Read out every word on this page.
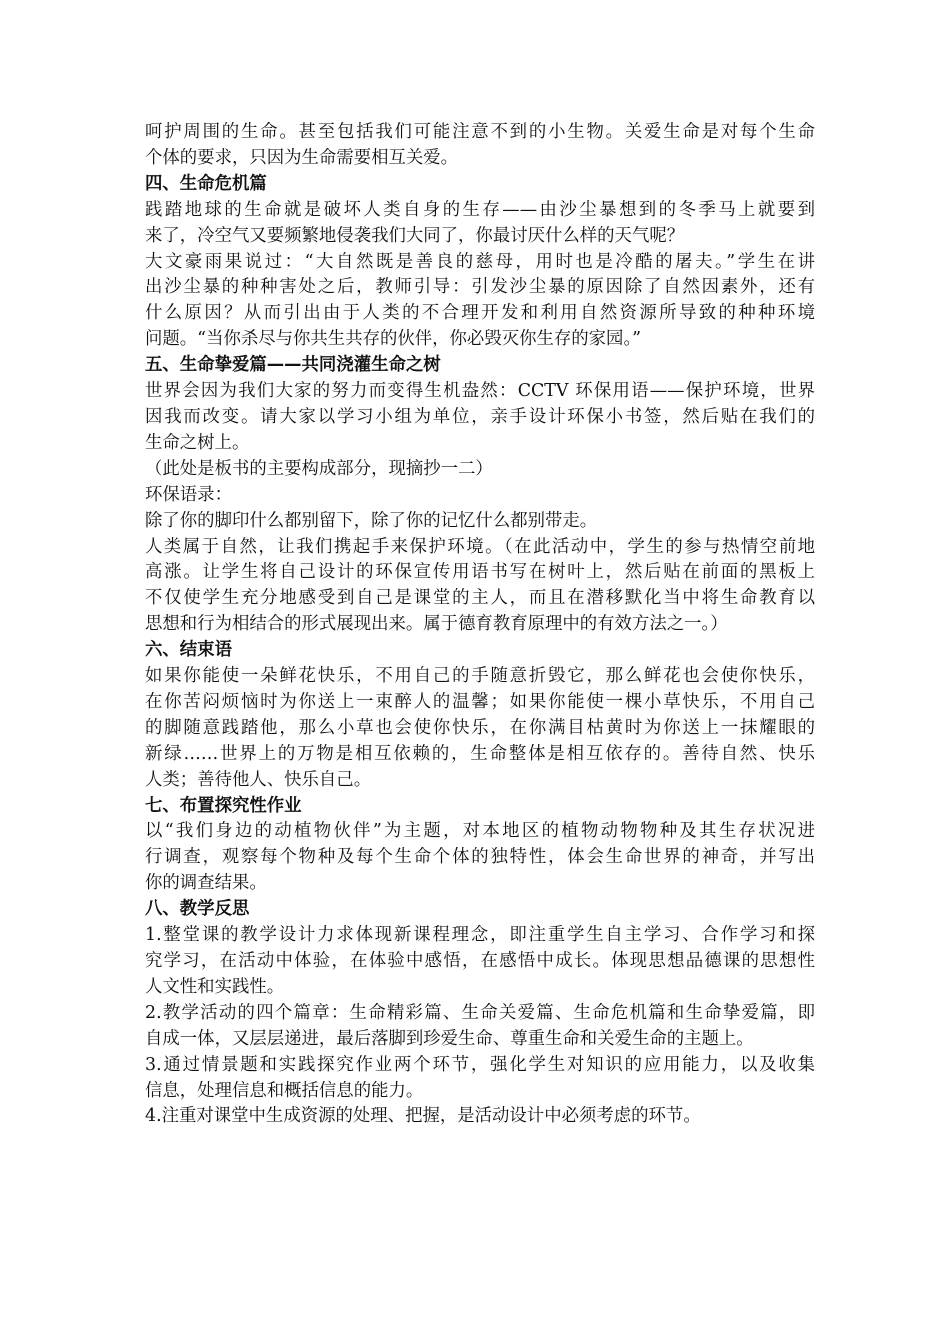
呵护周围的生命。甚至包括我们可能注意不到的小生物。关爱生命是对每个生命
个体的要求，只因为生命需要相互关爱。
四、生命危机篇
践踏地球的生命就是破坏人类自身的生存——由沙尘暴想到的冬季马上就要到
来了，冷空气又要频繁地侵袭我们大同了，你最讨厌什么样的天气呢？
大文豪雨果说过：“大自然既是善良的慈母，用时也是冷酷的屠夫。”学生在讲
出沙尘暴的种种害处之后，教师引导：引发沙尘暴的原因除了自然因素外，还有
什么原因？从而引出由于人类的不合理开发和利用自然资源所导致的种种环境
问题。“当你杀尽与你共生共存的伙伴，你必毁灭你生存的家园。”
五、生命挚爱篇——共同浇灌生命之树
世界会因为我们大家的努力而变得生机盎然：CCTV 环保用语——保护环境，世界
因我而改变。请大家以学习小组为单位，亲手设计环保小书签，然后贴在我们的
生命之树上。
（此处是板书的主要构成部分，现摘抄一二）
环保语录：
除了你的脚印什么都别留下，除了你的记忆什么都别带走。
人类属于自然，让我们携起手来保护环境。（在此活动中，学生的参与热情空前地
高涨。让学生将自己设计的环保宣传用语书写在树叶上，然后贴在前面的黑板上
不仅使学生充分地感受到自己是课堂的主人，而且在潜移默化当中将生命教育以
思想和行为相结合的形式展现出来。属于德育教育原理中的有效方法之一。）
六、结束语
如果你能使一朵鲜花快乐，不用自己的手随意折毁它，那么鲜花也会使你快乐，
在你苦闷烦恼时为你送上一束醉人的温馨；如果你能使一棵小草快乐，不用自己
的脚随意践踏他，那么小草也会使你快乐，在你满目枯黄时为你送上一抹耀眼的
新绿……世界上的万物是相互依赖的，生命整体是相互依存的。善待自然、快乐
人类；善待他人、快乐自己。
七、布置探究性作业
以“我们身边的动植物伙伴”为主题，对本地区的植物动物物种及其生存状况进
行调查，观察每个物种及每个生命个体的独特性，体会生命世界的神奇，并写出
你的调查结果。
八、教学反思
1.整堂课的教学设计力求体现新课程理念，即注重学生自主学习、合作学习和探
究学习，在活动中体验，在体验中感悟，在感悟中成长。体现思想品德课的思想性
人文性和实践性。
2.教学活动的四个篇章：生命精彩篇、生命关爱篇、生命危机篇和生命挚爱篇，即
自成一体，又层层递进，最后落脚到珍爱生命、尊重生命和关爱生命的主题上。
3.通过情景题和实践探究作业两个环节，强化学生对知识的应用能力，以及收集
信息，处理信息和概括信息的能力。
4.注重对课堂中生成资源的处理、把握，是活动设计中必须考虑的环节。
